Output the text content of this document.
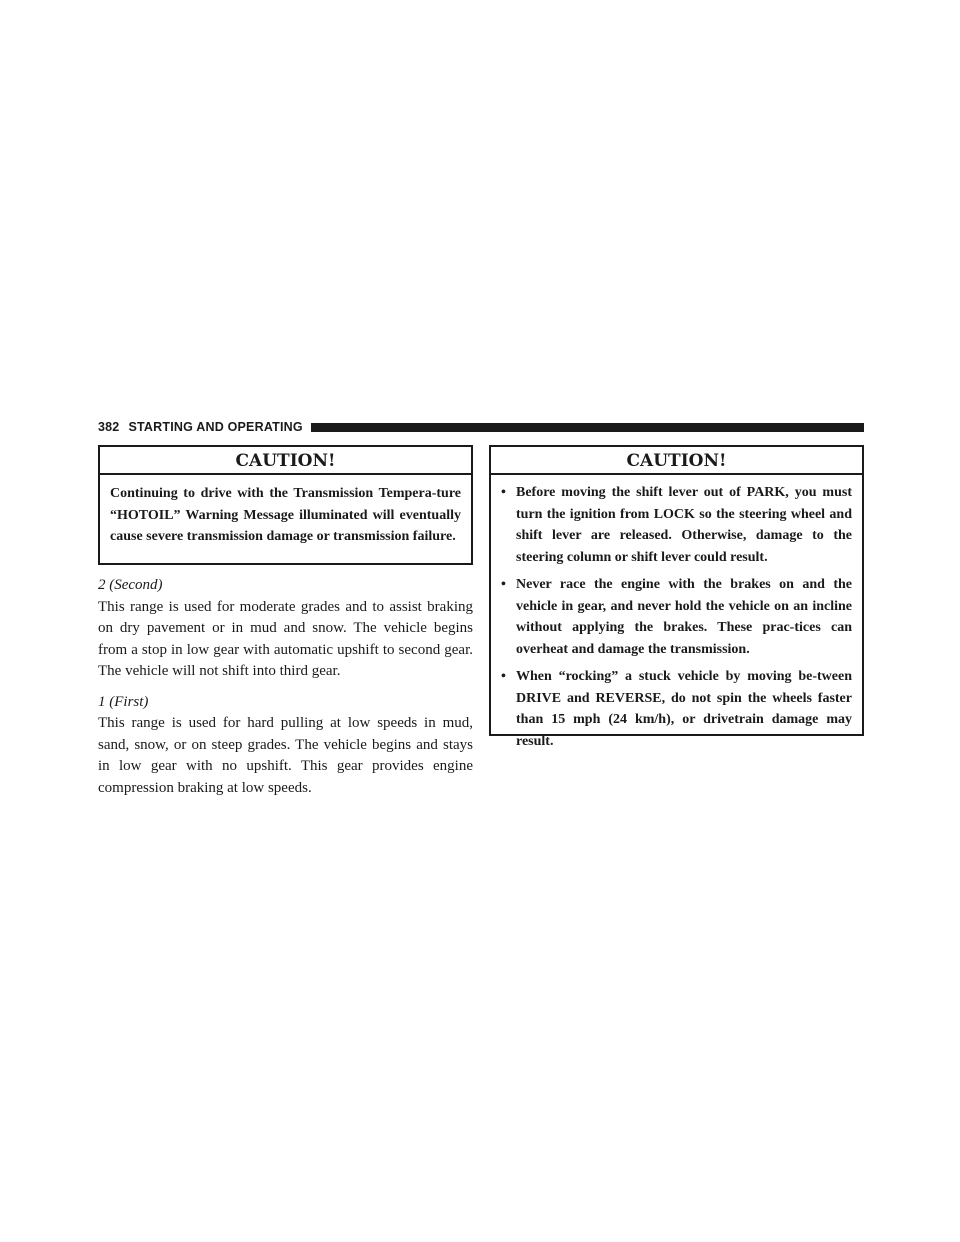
382 STARTING AND OPERATING
CAUTION!
Continuing to drive with the Transmission Tempera-ture “HOTOIL” Warning Message illuminated will eventually cause severe transmission damage or transmission failure.
2 (Second)

This range is used for moderate grades and to assist braking on dry pavement or in mud and snow. The vehicle begins from a stop in low gear with automatic upshift to second gear. The vehicle will not shift into third gear.

1 (First)

This range is used for hard pulling at low speeds in mud, sand, snow, or on steep grades. The vehicle begins and stays in low gear with no upshift. This gear provides engine compression braking at low speeds.

CAUTION!
• Before moving the shift lever out of PARK, you must turn the ignition from LOCK so the steering wheel and shift lever are released. Otherwise, damage to the steering column or shift lever could result.
• Never race the engine with the brakes on and the vehicle in gear, and never hold the vehicle on an incline without applying the brakes. These prac-tices can overheat and damage the transmission.
• When “rocking” a stuck vehicle by moving be-tween DRIVE and REVERSE, do not spin the wheels faster than 15 mph (24 km/h), or drivetrain damage may result.
